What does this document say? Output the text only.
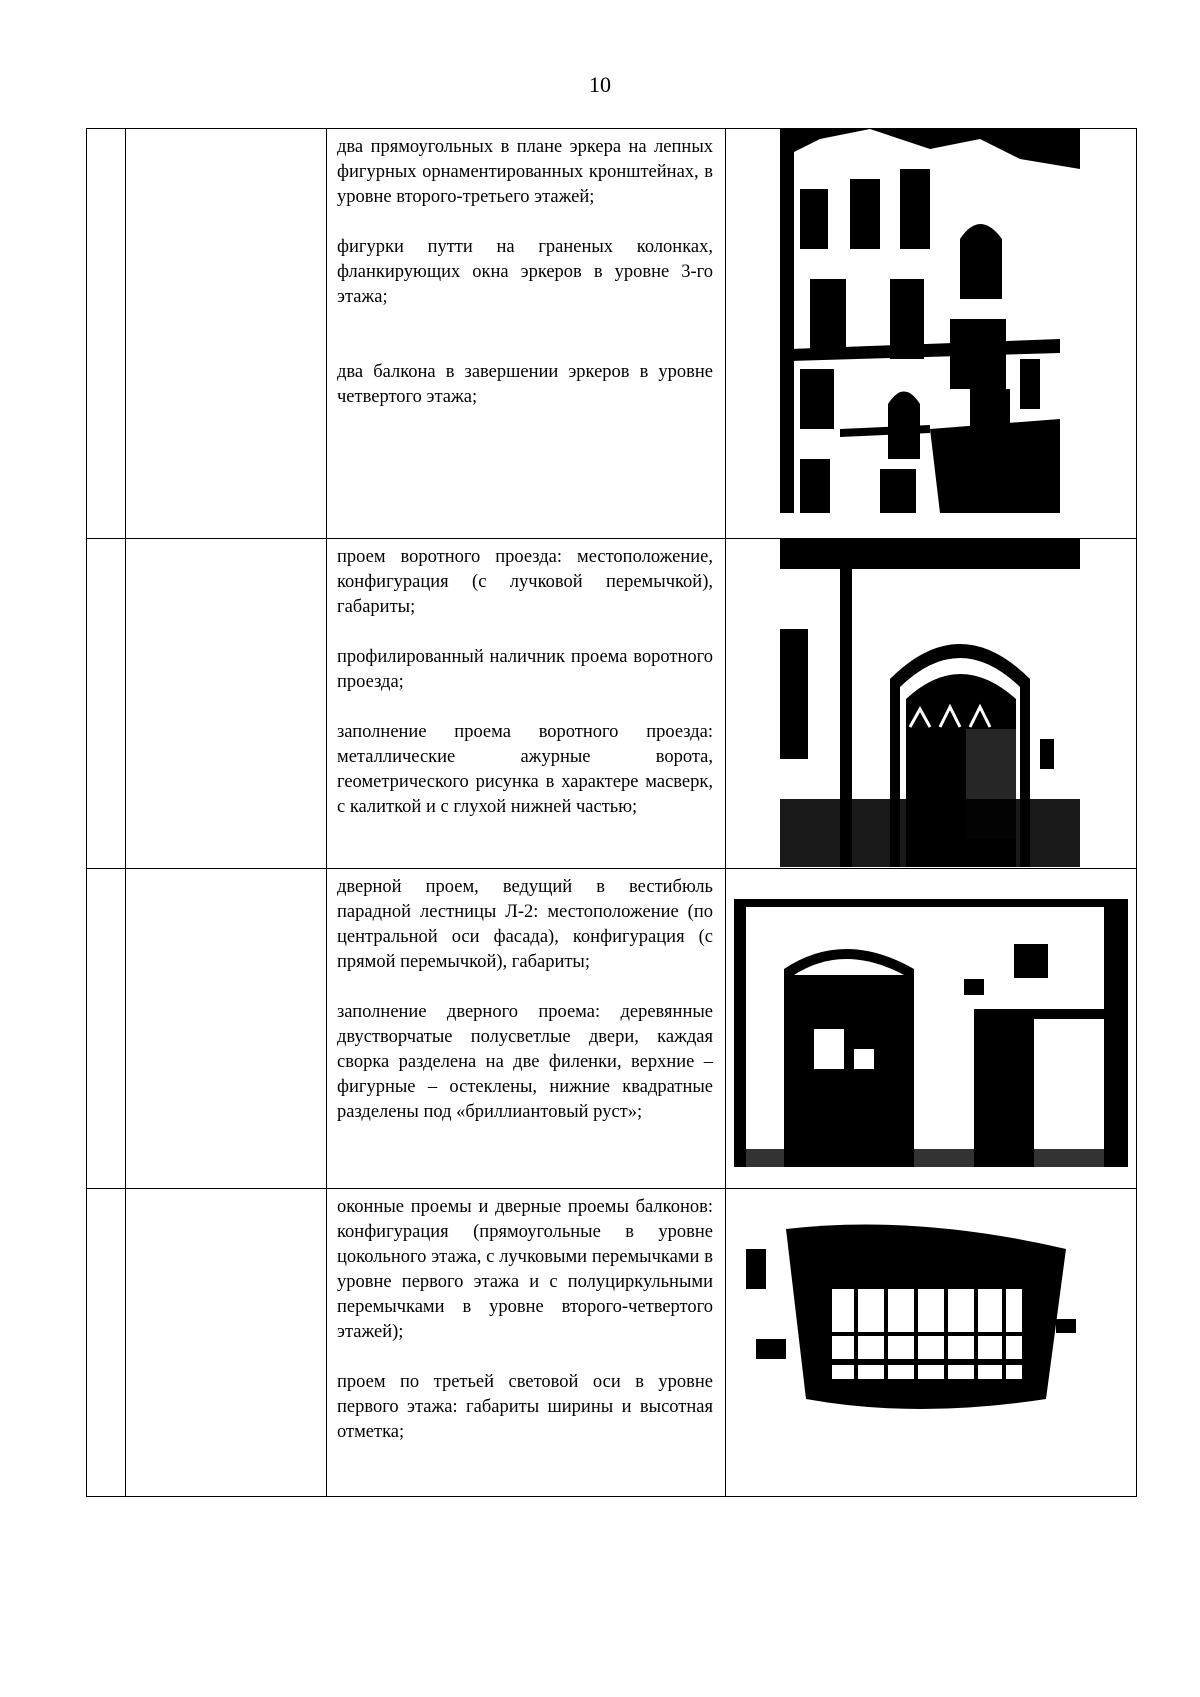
10

		два прямоугольных в плане эркера на лепных фигурных орнаментированных кронштейнах, в уровне второго-третьего этажей;

фигурки путти на граненых колонках, фланкирующих окна эркеров в уровне 3-го этажа;

два балкона в завершении эркеров в уровне четвертого этажа;

		проем воротного проезда: местоположение, конфигурация (с лучковой перемычкой), габариты;

профилированный наличник проема воротного проезда;

заполнение проема воротного проезда: металлические ажурные ворота, геометрического рисунка в характере масверк, с калиткой и с глухой нижней частью;

		дверной проем, ведущий в вестибюль парадной лестницы Л-2: местоположение (по центральной оси фасада), конфигурация (с прямой перемычкой), габариты;

заполнение дверного проема: деревянные двустворчатые полусветлые двери, каждая сворка разделена на две филенки, верхние – фигурные – остеклены, нижние квадратные разделены под «бриллиантовый руст»;

		оконные проемы и дверные проемы балконов: конфигурация (прямоугольные в уровне цокольного этажа, с лучковыми перемычками в уровне первого этажа и с полуциркульными перемычками в уровне второго-четвертого этажей);

проем по третьей световой оси в уровне первого этажа: габариты ширины и высотная отметка;
